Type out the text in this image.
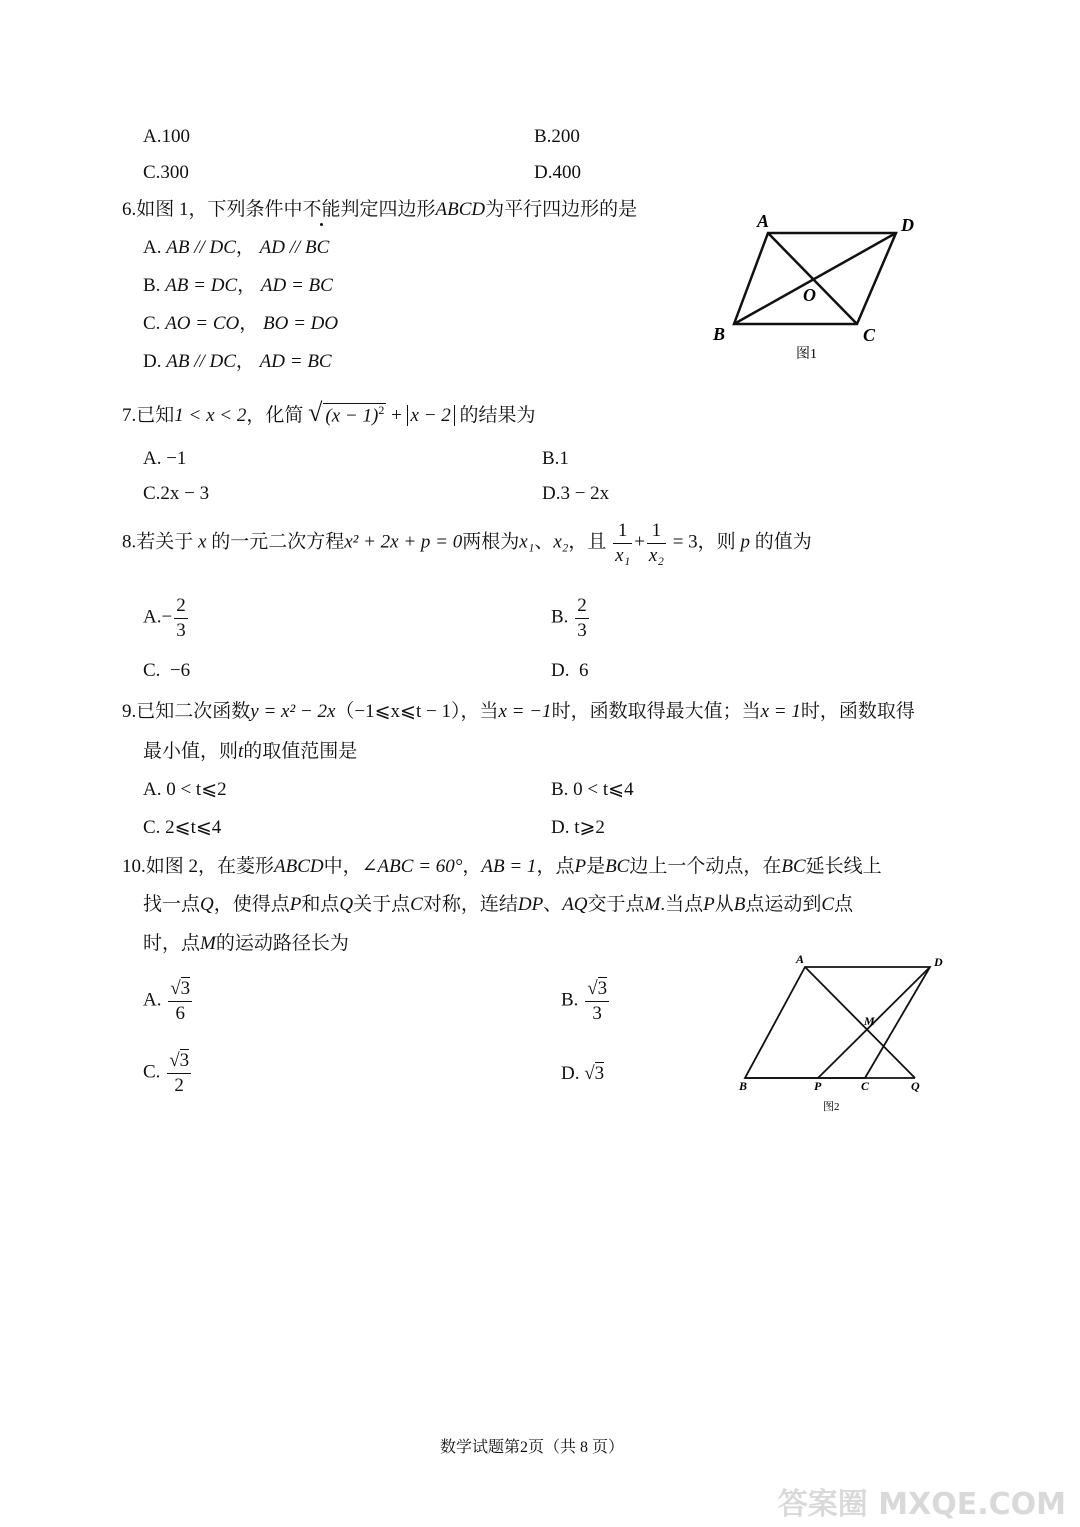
A.100	B.200
C.300	D.400
6.如图 1，下列条件中不能判定四边形ABCD为平行四边形的是
A. AB // DC， AD // BC
B. AB = DC， AD = BC
C. AO = CO， BO = DO
D. AB // DC， AD = BC
A	D
O
B	C
图1
7.已知1 < x < 2，化简 √ $(x - 1)^2 + x - 2$ 的结果为
A. −1	B.1
C.2x − 3	D.3 − 2x
8.若关于 x 的一元二次方程x² + 2x + p = 0两根为x₁、x₂，且 $\frac{1}{\text{x₁}} + \frac{1}{\text{x₂}} = 3$，则 p 的值为
$A.- \frac{2}{3}$	B. $\frac{2}{3}$
C. −6	D. 6
9.已知二次函数y = x² − 2x（−1⩽x⩽t − 1），当x = −1时，函数取得最大值；当x = 1时，函数取得
最小值，则t的取值范围是
A. 0 < t⩽2	B. 0 < t⩽4
C. 2⩽t⩽4	D. t⩾2
10.如图 2，在菱形ABCD中，∠ABC = 60°，AB = 1，点P是BC边上一个动点，在BC延长线上
找一点Q，使得点P和点Q关于点C对称，连结DP、AQ交于点M.当点P从B点运动到C点
时，点M的运动路径长为
A. $\frac{√3}{6}$	B. $\frac{√3}{3}$
C. $\frac{√3}{2}$	D. √3
A	D
M
B	P	C	Q
图2
数学试题第2页（共 8 页）
答案圈 MXQE.COM
